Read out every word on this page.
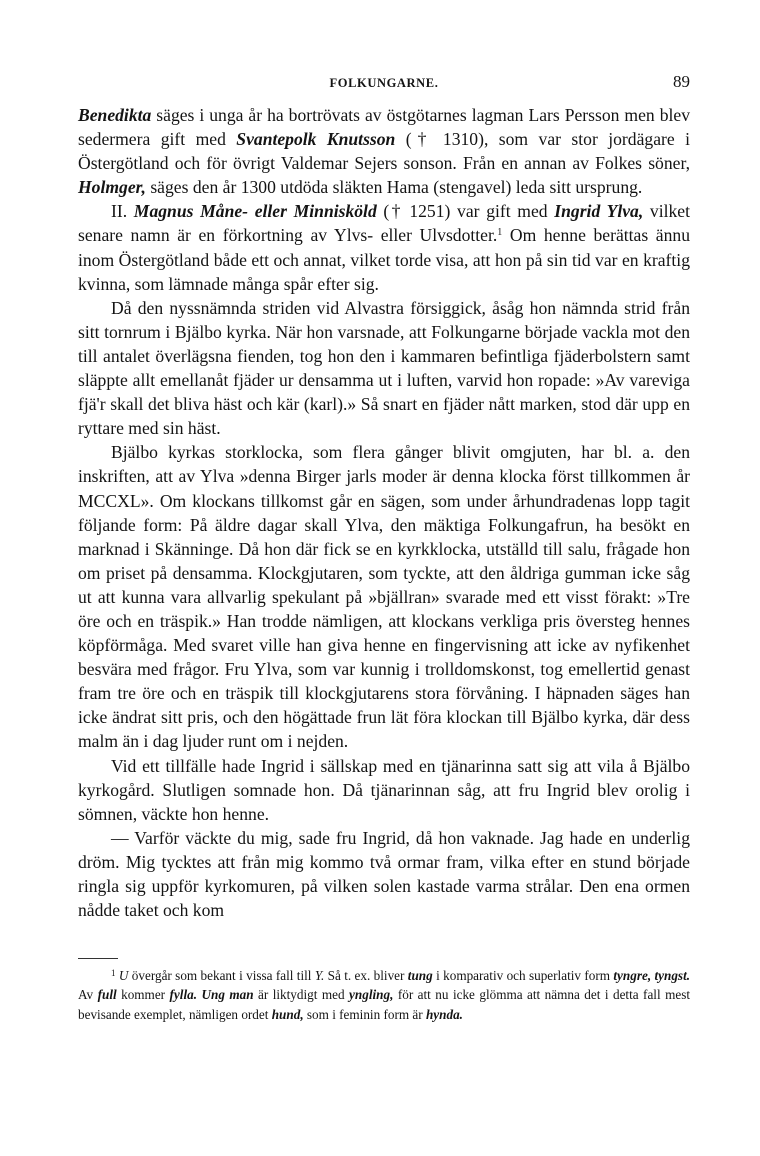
FOLKUNGARNE.	89

Benedikta säges i unga år ha bortrövats av östgötarnes lagman Lars Persson men blev sedermera gift med Svantepolk Knutsson († 1310), som var stor jordägare i Östergötland och för övrigt Valdemar Sejers sonson. Från en annan av Folkes söner, Holmger, säges den år 1300 utdöda släkten Hama (stengavel) leda sitt ursprung.

II. Magnus Måne- eller Minnisköld († 1251) var gift med Ingrid Ylva, vilket senare namn är en förkortning av Ylvs- eller Ulvsdotter.$^1$ Om henne berättas ännu inom Östergötland både ett och annat, vilket torde visa, att hon på sin tid var en kraftig kvinna, som lämnade många spår efter sig.

Då den nyssnämnda striden vid Alvastra försiggick, åsåg hon nämnda strid från sitt tornrum i Bjälbo kyrka. När hon varsnade, att Folkungarne började vackla mot den till antalet överlägsna fienden, tog hon den i kammaren befintliga fjäderbolstern samt släppte allt emellanåt fjäder ur densamma ut i luften, varvid hon ropade: »Av vareviga fjä'r skall det bliva häst och kär (karl).» Så snart en fjäder nått marken, stod där upp en ryttare med sin häst.

Bjälbo kyrkas storklocka, som flera gånger blivit omgjuten, har bl. a. den inskriften, att av Ylva »denna Birger jarls moder är denna klocka först tillkommen år MCCXL». Om klockans tillkomst går en sägen, som under århundradenas lopp tagit följande form: På äldre dagar skall Ylva, den mäktiga Folkungafrun, ha besökt en marknad i Skänninge. Då hon där fick se en kyrkklocka, utställd till salu, frågade hon om priset på densamma. Klockgjutaren, som tyckte, att den åldriga gumman icke såg ut att kunna vara allvarlig spekulant på »bjällran» svarade med ett visst förakt: »Tre öre och en träspik.» Han trodde nämligen, att klockans verkliga pris översteg hennes köpförmåga. Med svaret ville han giva henne en fingervisning att icke av nyfikenhet besvära med frågor. Fru Ylva, som var kunnig i trolldomskonst, tog emellertid genast fram tre öre och en träspik till klockgjutarens stora förvåning. I häpnaden säges han icke ändrat sitt pris, och den högättade frun lät föra klockan till Bjälbo kyrka, där dess malm än i dag ljuder runt om i nejden.

Vid ett tillfälle hade Ingrid i sällskap med en tjänarinna satt sig att vila å Bjälbo kyrkogård. Slutligen somnade hon. Då tjänarinnan såg, att fru Ingrid blev orolig i sömnen, väckte hon henne.

— Varför väckte du mig, sade fru Ingrid, då hon vaknade. Jag hade en underlig dröm. Mig tycktes att från mig kommo två ormar fram, vilka efter en stund började ringla sig uppför kyrkomuren, på vilken solen kastade varma strålar. Den ena ormen nådde taket och kom

$^1$ U övergår som bekant i vissa fall till Y. Så t. ex. bliver tung i komparativ och superlativ form tyngre, tyngst. Av full kommer fylla. Ung man är liktydigt med yngling, för att nu icke glömma att nämna det i detta fall mest bevisande exemplet, nämligen ordet hund, som i feminin form är hynda.
